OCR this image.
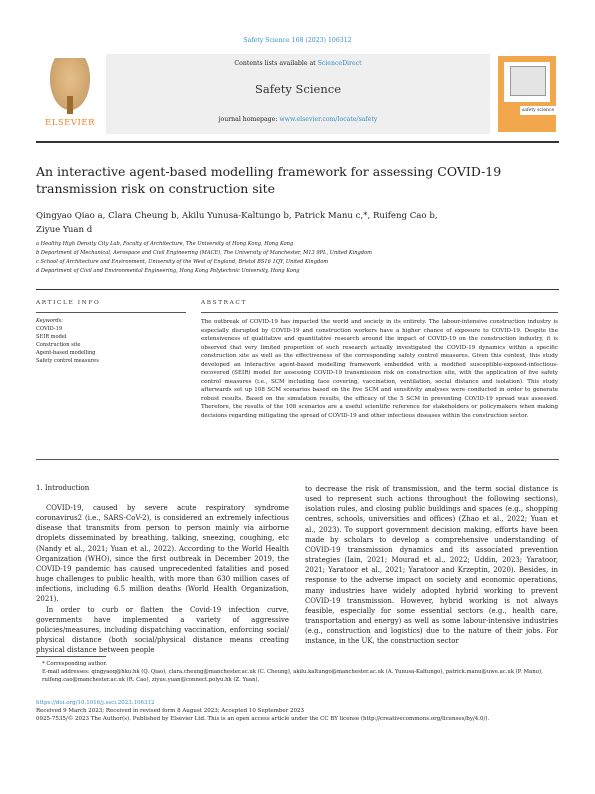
Safety Science 168 (2023) 106312
ELSEVIER
Contents lists available at ScienceDirect
Safety Science
journal homepage: www.elsevier.com/locate/safety
safety science
An interactive agent-based modelling framework for assessing COVID-19 transmission risk on construction site
Qingyao Qiao a, Clara Cheung b, Akilu Yunusa-Kaltungo b, Patrick Manu c,*, Ruifeng Cao b,
Ziyue Yuan d
a Healthy High Density City Lab, Faculty of Architecture, The University of Hong Kong, Hong Kong
b Department of Mechanical, Aerospace and Civil Engineering (MACE), The University of Manchester, M13 9PL, United Kingdom
c School of Architecture and Environment, University of the West of England, Bristol BS16 1QY, United Kingdom
d Department of Civil and Environmental Engineering, Hong Kong Polytechnic University, Hong Kong
ARTICLE INFO	ABSTRACT
Keywords:
COVID-19
SEIR model
Construction site
Agent-based modelling
Safety control measures
The outbreak of COVID-19 has impacted the world and society in its entirety. The labour-intensive construction industry is especially disrupted by COVID-19 and construction workers have a higher chance of exposure to COVID-19. Despite the extensiveness of qualitative and quantitative research around the impact of COVID-19 on the construction industry, it is observed that very limited proportion of such research actually investigated the COVID-19 dynamics within a specific construction site as well as the effectiveness of the corresponding safety control measures. Given this context, this study developed an interactive agent-based modelling framework embedded with a modified susceptible-exposed-infectious-recovered (SEIR) model for assessing COVID-19 transmission risk on construction site, with the application of five safety control measures (i.e., SCM including face covering, vaccination, ventilation, social distance and isolation). This study afterwards set up 108 SCM scenarios based on the five SCM and sensitivity analyses were conducted in order to generate robust results. Based on the simulation results, the efficacy of the 5 SCM in preventing COVID-19 spread was assessed. Therefore, the results of the 108 scenarios are a useful scientific reference for stakeholders or policymakers when making decisions regarding mitigating the spread of COVID-19 and other infectious diseases within the construction sector.
1. Introduction

COVID-19, caused by severe acute respiratory syndrome coronavirus2 (i.e., SARS-CoV-2), is considered an extremely infectious disease that transmits from person to person mainly via airborne droplets disseminated by breathing, talking, sneezing, coughing, etc (Nandy et al., 2021; Yuan et al., 2022). According to the World Health Organization (WHO), since the first outbreak in December 2019, the COVID-19 pandemic has caused unprecedented fatalities and posed huge challenges to public health, with more than 630 million cases of infections, including 6.5 million deaths (World Health Organization, 2021).

In order to curb or flatten the Covid-19 infection curve, governments have implemented a variety of aggressive policies/measures, including dispatching vaccination, enforcing social/ physical distance (both social/physical distance means creating physical distance between people

to decrease the risk of transmission, and the term social distance is used to represent such actions throughout the following sections), isolation rules, and closing public buildings and spaces (e.g., shopping centres, schools, universities and offices) (Zhao et al., 2022; Yuan et al., 2023). To support government decision making, efforts have been made by scholars to develop a comprehensive understanding of COVID-19 transmission dynamics and its associated prevention strategies (Iain, 2021; Mourad et al., 2022; Uddin, 2023; Yaratoor, 2021; Yaratoor et al., 2021; Yaratoor and Krzeptin, 2020). Besides, in response to the adverse impact on society and economic operations, many industries have widely adopted hybrid working to prevent COVID-19 transmission. However, hybrid working is not always feasible, especially for some essential sectors (e.g., health care, transportation and energy) as well as some labour-intensive industries (e.g., construction and logistics) due to the nature of their jobs. For instance, in the UK, the construction sector

* Corresponding author.
E-mail addresses: qingyaoq@hku.hk (Q. Qiao), clara.cheung@manchester.ac.uk (C. Cheung), akilu.kaltungo@manchester.ac.uk (A. Yunusa-Kaltungo), patrick.manu@uwe.ac.uk (P. Manu), ruifeng.cao@manchester.ac.uk (R. Cao), ziyue.yuan@connect.polyu.hk (Z. Yuan).
https://doi.org/10.1016/j.ssci.2023.106312
Received 9 March 2023; Received in revised form 8 August 2023; Accepted 10 September 2023
0925-7535/© 2023 The Author(s). Published by Elsevier Ltd. This is an open access article under the CC BY license (http://creativecommons.org/licenses/by/4.0/).
